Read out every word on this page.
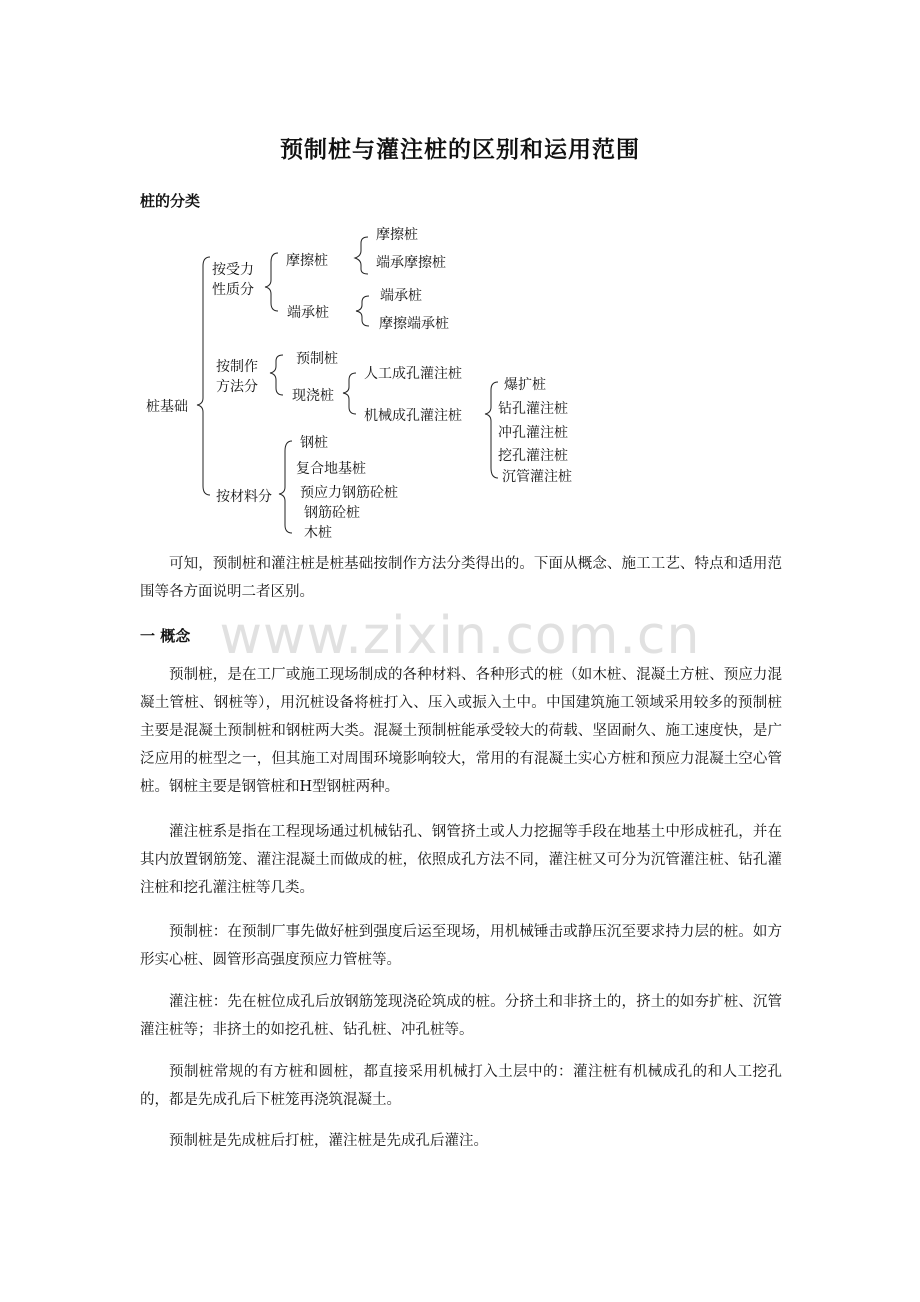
www.zixin.com.cn
预制桩与灌注桩的区别和运用范围
桩的分类
桩基础
按受力
性质分
摩擦桩
摩擦桩
端承摩擦桩
端承桩
端承桩
摩擦端承桩
按制作
方法分
预制桩
现浇桩
人工成孔灌注桩
机械成孔灌注桩
爆扩桩
钻孔灌注桩
冲孔灌注桩
挖孔灌注桩
沉管灌注桩
按材料分
钢桩
复合地基桩
预应力钢筋砼桩
钢筋砼桩
木桩
可知，预制桩和灌注桩是桩基础按制作方法分类得出的。下面从概念、施工工艺、特点和适用范围等各方面说明二者区别。
一 概念
预制桩，是在工厂或施工现场制成的各种材料、各种形式的桩（如木桩、混凝土方桩、预应力混凝土管桩、钢桩等），用沉桩设备将桩打入、压入或振入土中。中国建筑施工领域采用较多的预制桩主要是混凝土预制桩和钢桩两大类。混凝土预制桩能承受较大的荷载、坚固耐久、施工速度快，是广泛应用的桩型之一，但其施工对周围环境影响较大，常用的有混凝土实心方桩和预应力混凝土空心管桩。钢桩主要是钢管桩和H型钢桩两种。
灌注桩系是指在工程现场通过机械钻孔、钢管挤土或人力挖掘等手段在地基土中形成桩孔，并在其内放置钢筋笼、灌注混凝土而做成的桩，依照成孔方法不同，灌注桩又可分为沉管灌注桩、钻孔灌注桩和挖孔灌注桩等几类。
预制桩：在预制厂事先做好桩到强度后运至现场，用机械锤击或静压沉至要求持力层的桩。如方形实心桩、圆管形高强度预应力管桩等。
灌注桩：先在桩位成孔后放钢筋笼现浇砼筑成的桩。分挤土和非挤土的，挤土的如夯扩桩、沉管灌注桩等；非挤土的如挖孔桩、钻孔桩、冲孔桩等。
预制桩常规的有方桩和圆桩，都直接采用机械打入土层中的：灌注桩有机械成孔的和人工挖孔的，都是先成孔后下桩笼再浇筑混凝土。
预制桩是先成桩后打桩，灌注桩是先成孔后灌注。
